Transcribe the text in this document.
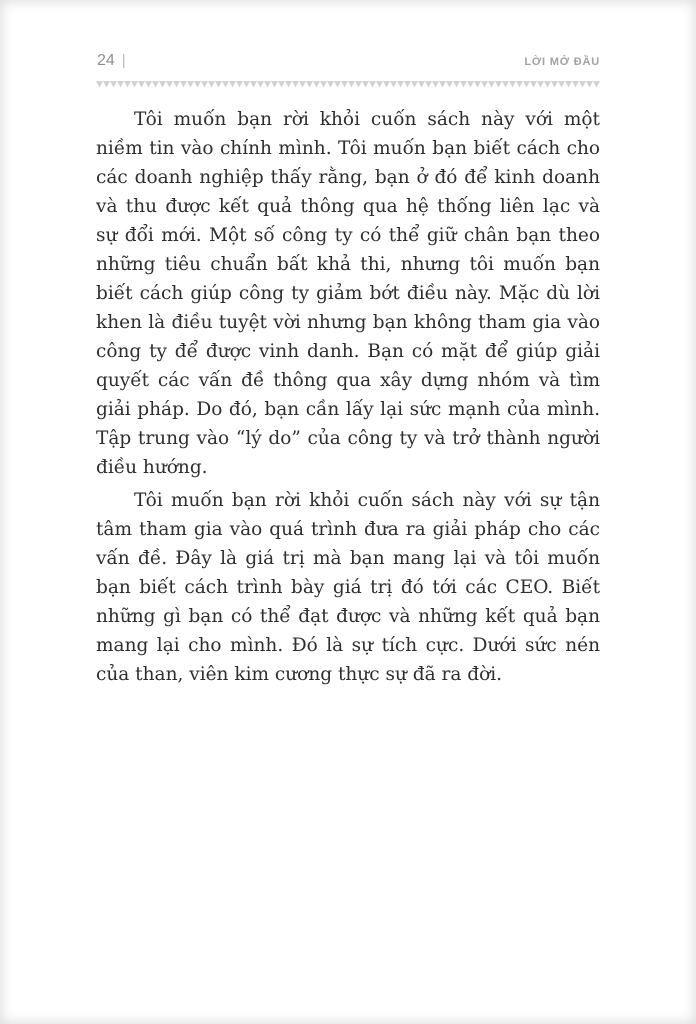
24 |	LỜI MỞ ĐẦU

Tôi muốn bạn rời khỏi cuốn sách này với một niềm tin vào chính mình. Tôi muốn bạn biết cách cho các doanh nghiệp thấy rằng, bạn ở đó để kinh doanh và thu được kết quả thông qua hệ thống liên lạc và sự đổi mới. Một số công ty có thể giữ chân bạn theo những tiêu chuẩn bất khả thi, nhưng tôi muốn bạn biết cách giúp công ty giảm bớt điều này. Mặc dù lời khen là điều tuyệt vời nhưng bạn không tham gia vào công ty để được vinh danh. Bạn có mặt để giúp giải quyết các vấn đề thông qua xây dựng nhóm và tìm giải pháp. Do đó, bạn cần lấy lại sức mạnh của mình. Tập trung vào “lý do” của công ty và trở thành người điều hướng.

Tôi muốn bạn rời khỏi cuốn sách này với sự tận tâm tham gia vào quá trình đưa ra giải pháp cho các vấn đề. Đây là giá trị mà bạn mang lại và tôi muốn bạn biết cách trình bày giá trị đó tới các CEO. Biết những gì bạn có thể đạt được và những kết quả bạn mang lại cho mình. Đó là sự tích cực. Dưới sức nén của than, viên kim cương thực sự đã ra đời.
